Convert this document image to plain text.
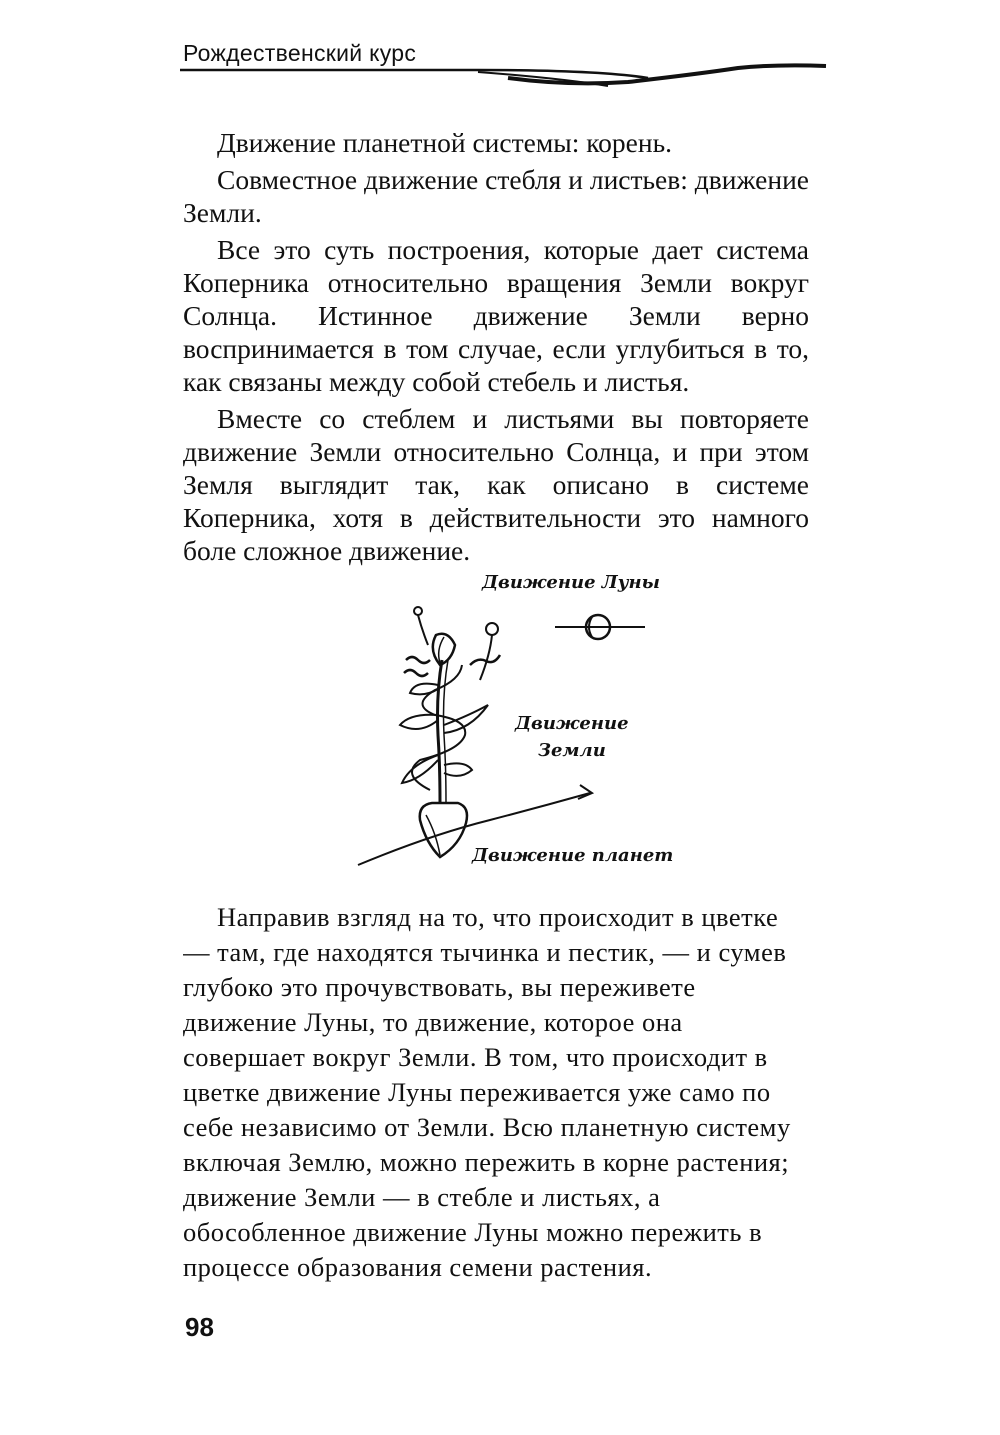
Рождественский курс

Движение планетной системы: корень.

Совместное движение стебля и листьев: движение Земли.

Все это суть построения, которые дает система Коперника относительно вращения Земли вокруг Солнца. Истинное движение Земли верно воспринимается в том случае, если углубиться в то, как связаны между собой стебель и листья.

Вместе со стеблем и листьями вы повторяете движение Земли относительно Солнца, и при этом Земля выглядит так, как описано в системе Коперника, хотя в действительности это намного боле сложное движение.

Движение Луны
Движение
Земли
Движение планет

Направив взгляд на то, что происходит в цветке — там, где находятся тычинка и пестик, — и сумев глубоко это прочувствовать, вы переживете движение Луны, то движение, которое она совершает вокруг Земли. В том, что происходит в цветке движение Луны переживается уже само по себе независимо от Земли. Всю планетную систему включая Землю, можно пережить в корне растения; движение Земли — в стебле и листьях, а обособленное движение Луны можно пережить в процессе образования семени растения.

98
